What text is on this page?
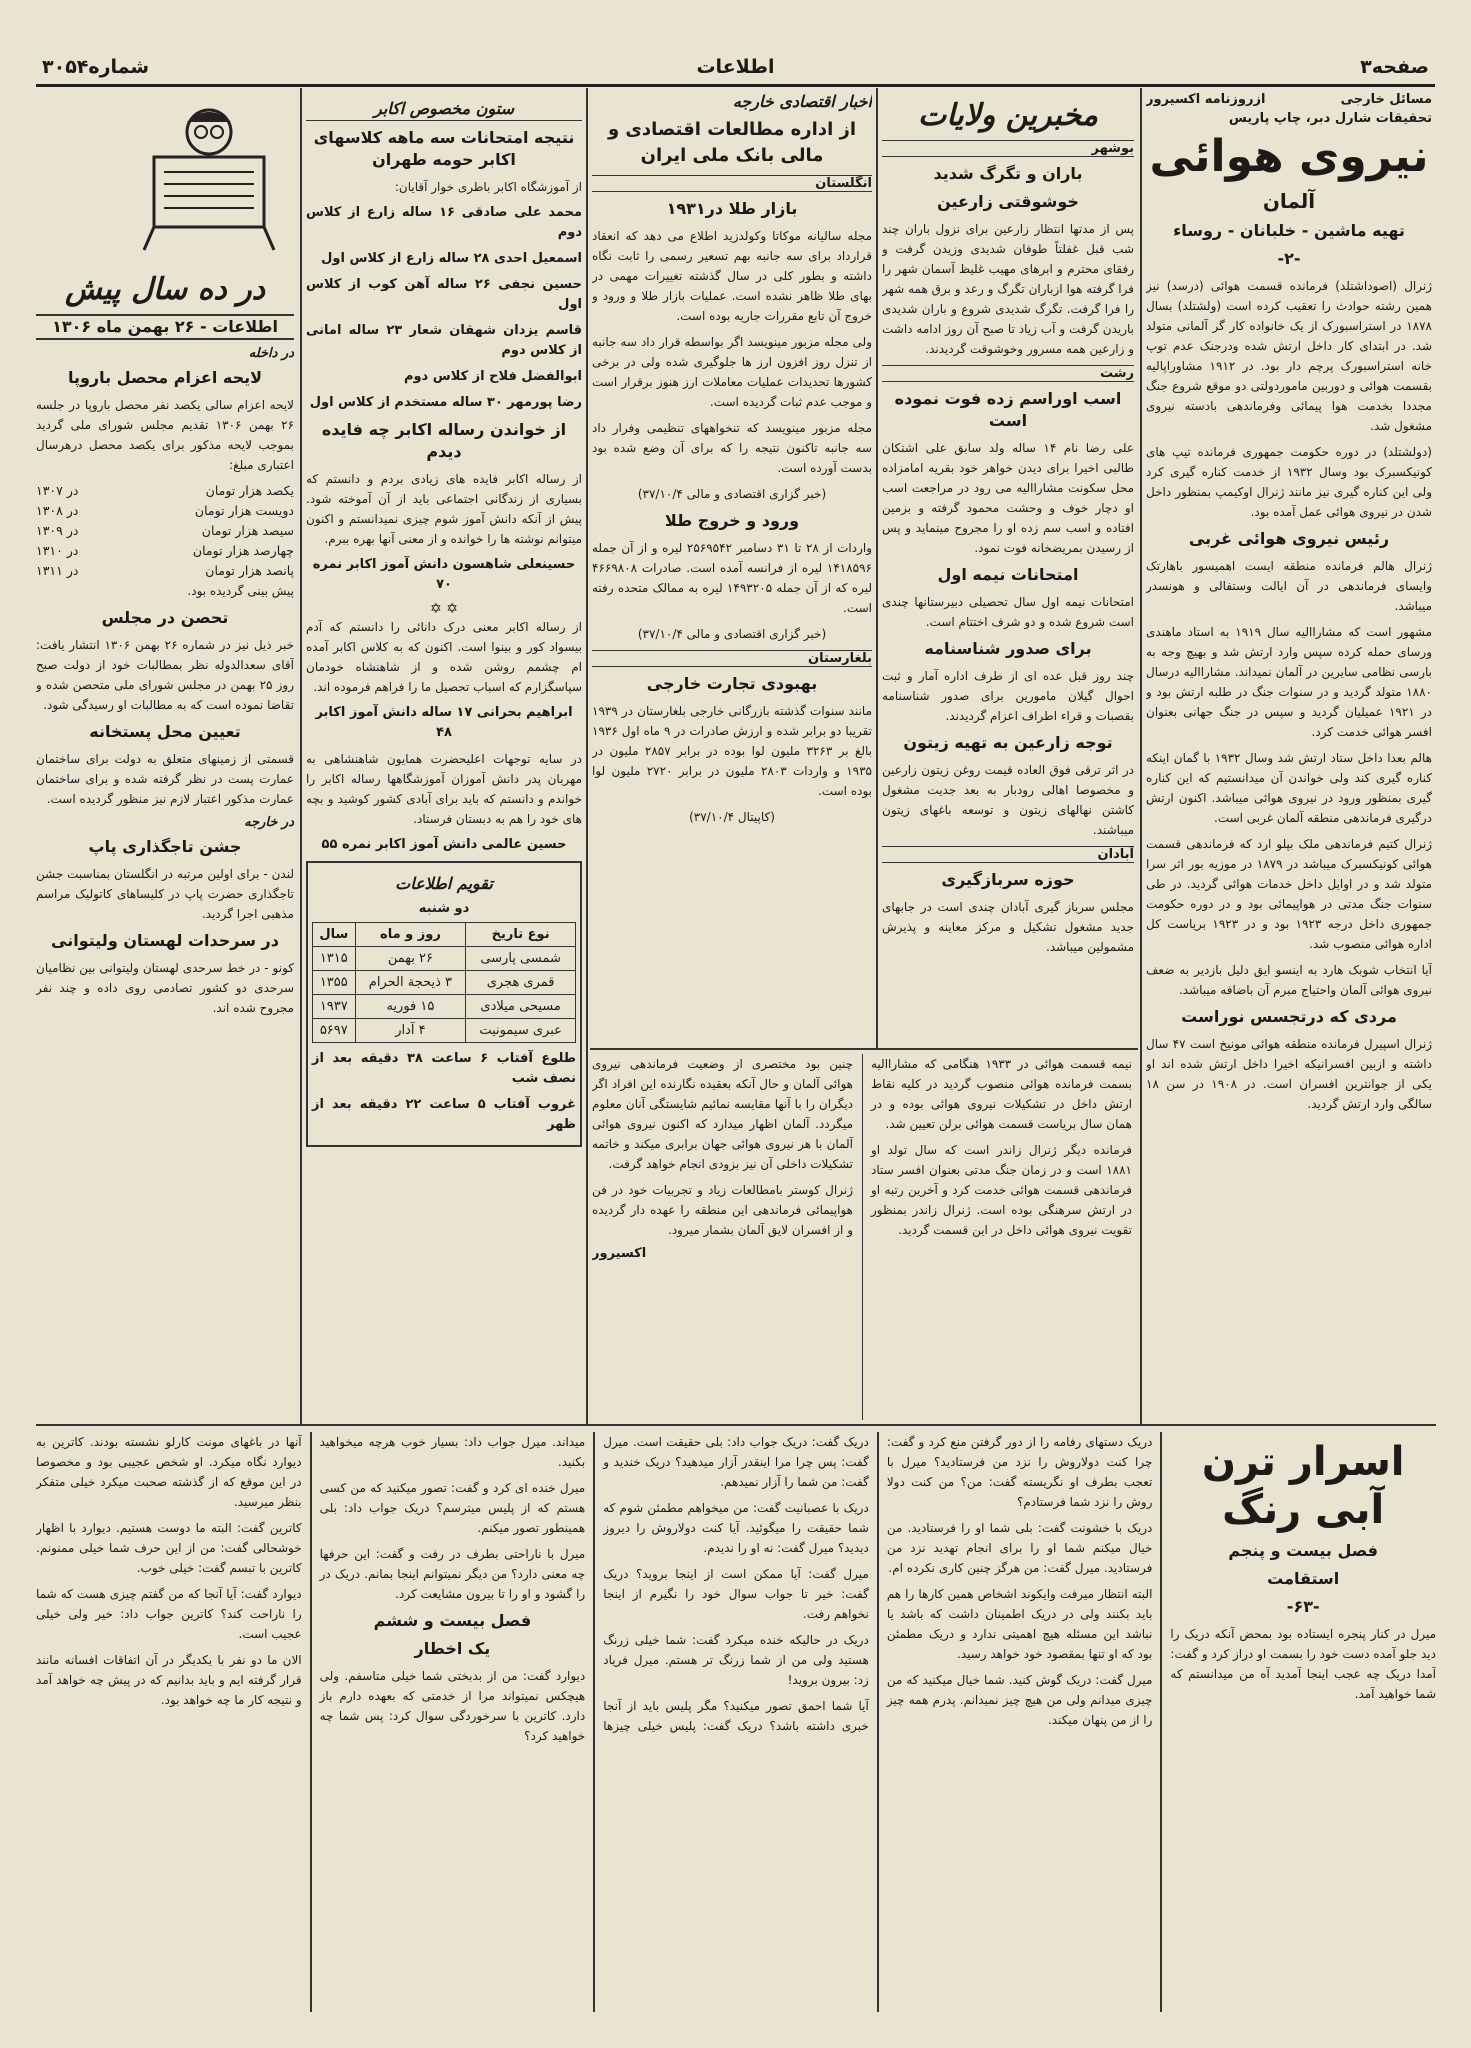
صفحه۳
اطلاعات
شماره۳۰۵۴
مسائل خارجی
ازروزنامه اکسیرور
تحقیقات شارل دبر، چاپ پاریس
نیروی هوائی
آلمان
تهیه ماشین - خلبانان - روساء
-۲-

ژنرال (اصوداشتلد) فرمانده قسمت هوائی (درسد) نیز همین رشته حوادث را تعقیب کرده است (ولشتلد) بسال ۱۸۷۸ در استراسبورک از یک خانواده کار گر آلمانی متولد شد. در ابتدای کار داخل ارتش شده ودرجنک عدم توپ خانه استراسبورک پرچم دار بود. در ۱۹۱۲ مشاوراپالیه بقسمت هوائی و دوربین ماموردولتی دو موقع شروع جنگ مجددا بخدمت هوا پیمائی وفرماندهی بادسته نیروی مشغول شد.

(دولشتلد) در دوره حکومت جمهوری فرمانده تیپ های کونیکسبرک بود وسال ۱۹۳۲ از خدمت کناره گیری کرد ولی این کناره گیری نیز مانند ژنرال اوکیمپ بمنظور داخل شدن در نیروی هوائی عمل آمده بود.

رئیس نیروی هوائی غربی

ژنرال هالم فرمانده منطقه ایست اهمیسور باهارتک وایسای فرماندهی در آن ایالت وستفالی و هونسدر میباشد.

مشهور است که مشاراالیه سال ۱۹۱۹ به استاد ماهندی ورسای حمله کرده سپس وارد ارتش شد و بهیچ وجه به بارسی نظامی سایرین در آلمان نمیداند. مشاراالیه درسال ۱۸۸۰ متولد گردید و در سنوات جنگ در طلبه ارتش بود و در ۱۹۲۱ عمیلیان گردید و سپس در جنگ جهانی بعنوان افسر هوائی خدمت کرد.

هالم بعدا داخل ستاد ارتش شد وسال ۱۹۳۲ با گمان اینکه کناره گیری کند ولی خواندن آن میدانستیم که این کناره گیری بمنظور ورود در نیروی هوائی میباشد. اکنون ارتش درگیری فرماندهی منطقه آلمان غربی است.

ژنرال کتیم فرماندهی ملک بپلو ارد که فرماندهی قسمت هوائی کونیکسبرک میباشد در ۱۸۷۹ در موزیه بور اثر سرا متولد شد و در اوایل داخل خدمات هوائی گردید. در طی سنوات جنگ مدتی در هواپیمائی بود و در دوره حکومت جمهوری داخل درجه ۱۹۲۳ بود و در ۱۹۲۳ بریاست کل اداره هوائی منصوب شد.

آیا انتخاب شوبک هارد به اینسو ایق دلیل بازدیر به ضعف نیروی هوائی آلمان واحتیاج مبرم آن باضافه میباشد.

مردی که درتجسس نوراست

ژنرال اسپیرل فرمانده منطقه هوائی مونیخ است ۴۷ سال داشته و ازبین افسرانیکه اخیرا داخل ارتش شده اند او یکی از جوانترین افسران است. در ۱۹۰۸ در سن ۱۸ سالگی وارد ارتش گردید.

مخبرین ولایات
بوشهر
باران و تگرگ شدید
خوشوقتی زارعین

پس از مدتها انتظار زارعین برای نزول باران چند شب قبل غفلتاً طوفان شدیدی وزیدن گرفت و رفقای محترم و ابرهای مهیب غلیظ آسمان شهر را فرا گرفته هوا ازباران تگرگ و رعد و برق همه شهر را فرا گرفت. تگرگ شدیدی شروع و باران شدیدی باریدن گرفت و آب زیاد تا صبح آن روز ادامه داشت و زارعین همه مسرور وخوشوقت گردیدند.

رشت
اسب اوراسم زده فوت نموده است

علی رضا نام ۱۴ ساله ولد سابق علی اشتکان طالبی اخیرا برای دیدن خواهر خود بقریه امامزاده محل سکونت مشاراالیه می رود در مراجعت اسب او دچار خوف و وحشت محمود گرفته و بزمین افتاده و اسب سم زده او را مجروح مینماید و پس از رسیدن بمریضخانه فوت نمود.

امتحانات نیمه اول

امتحانات نیمه اول سال تحصیلی دبیرستانها چندی است شروع شده و دو شرف اختتام است.

برای صدور شناسنامه

چند روز قبل عده ای از طرف اداره آمار و ثبت احوال گیلان مامورین برای صدور شناسنامه بقصبات و قراء اطراف اعزام گردیدند.

توجه زارعین به تهیه زیتون

در اثر ترقی فوق العاده قیمت روغن زیتون زارعین و مخصوصا اهالی رودبار به بعد جدیت مشغول کاشتن نهالهای زیتون و توسعه باغهای زیتون میباشند.

آبادان
حوزه سربازگیری

مجلس سرباز گیری آبادان چندی است در جابهای جدید مشغول تشکیل و مرکز معاینه و پذیرش مشمولین میباشد.

اخبار اقتصادی خارجه
از اداره مطالعات اقتصادی و مالی بانک ملی ایران
انگلستان
بازار طلا در۱۹۳۱

مجله سالیانه موکاتا وکولدزید اطلاع می دهد که انعقاد قرارداد برای سه جانبه بهم تسعیر رسمی را ثابت نگاه داشته و بطور کلی در سال گذشته تغییرات مهمی در بهای طلا ظاهر نشده است. عملیات بازار طلا و ورود و خروج آن تابع مقررات جاریه بوده است.

ولی مجله مزبور مینویسد اگر بواسطه قرار داد سه جانبه از تنزل روز افزون ارز ها جلوگیری شده ولی در برخی کشورها تحدیدات عملیات معاملات ارز هنوز برقرار است و موجب عدم ثبات گردیده است.

مجله مزبور مینویسد که تنخواههای تنظیمی وفرار داد سه جانبه تاکنون نتیجه را که برای آن وضع شده بود بدست آورده است.

(خبر گزاری اقتصادی و مالی ۳۷/۱۰/۴)
ورود و خروج طلا

واردات از ۲۸ تا ۳۱ دسامبر ۲۵۶۹۵۴۲ لیره و از آن جمله ۱۴۱۸۵۹۶ لیره از فرانسه آمده است. صادرات ۴۶۶۹۸۰۸ لیره که از آن جمله ۱۴۹۳۲۰۵ لیره به ممالک متحده رفته است.

(خبر گزاری اقتصادی و مالی ۳۷/۱۰/۴)
بلغارستان
بهبودی تجارت خارجی

مانند سنوات گذشته بازرگانی خارجی بلغارستان در ۱۹۳۹ تقریبا دو برابر شده و ارزش صادرات در ۹ ماه اول ۱۹۳۶ بالغ بر ۳۲۶۳ ملیون لوا بوده در برابر ۲۸۵۷ ملیون در ۱۹۳۵ و واردات ۲۸۰۳ ملیون در برابر ۲۷۲۰ ملیون لوا بوده است.

(کاپیتال ۳۷/۱۰/۴)

نیمه قسمت هوائی در ۱۹۳۳ هنگامی که مشاراالیه بسمت فرمانده هوائی منصوب گردید در کلیه نقاط ارتش داخل در تشکیلات نیروی هوائی بوده و در همان سال بریاست قسمت هوائی برلن تعیین شد.

فرمانده دیگر ژنرال زاندر است که سال تولد او ۱۸۸۱ است و در زمان جنگ مدتی بعنوان افسر ستاد فرماندهی قسمت هوائی خدمت کرد و آخرین رتبه او در ارتش سرهنگی بوده است. ژنرال زاندر بمنظور تقویت نیروی هوائی داخل در این قسمت گردید.

چنین بود مختصری از وضعیت فرماندهی نیروی هوائی آلمان و حال آنکه بعقیده نگارنده این افراد اگر دیگران را با آنها مقایسه نمائیم شایستگی آنان معلوم میگردد. آلمان اظهار میدارد که اکنون نیروی هوائی آلمان با هر نیروی هوائی جهان برابری میکند و خاتمه تشکیلات داخلی آن نیز بزودی انجام خواهد گرفت.

ژنرال کوستر بامطالعات زیاد و تجربیات خود در فن هواپیمائی فرماندهی این منطقه را عهده دار گردیده و از افسران لایق آلمان بشمار میرود.

اکسیرور
ستون مخصوص اکابر
نتیجه امتحانات سه ماهه کلاسهای اکابر حومه طهران
از آموزشگاه اکابر باطری خوار آقایان:
محمد علی صادقی ۱۶ ساله زارع از کلاس دوم
اسمعیل احدی ۲۸ ساله زارع از کلاس اول
حسین نجفی ۲۶ ساله آهن کوب از کلاس اول
قاسم یزدان شهقان شعار ۲۳ ساله امانی از کلاس دوم
ابوالفضل فلاح از کلاس دوم
رضا پورمهر ۳۰ ساله مستخدم از کلاس اول
از خواندن رساله اکابر چه فایده دیدم

از رساله اکابر فایده های زیادی بردم و دانستم که بسیاری از زندگانی اجتماعی باید از آن آموخته شود. پیش از آنکه دانش آموز شوم چیزی نمیدانستم و اکنون میتوانم نوشته ها را خوانده و از معنی آنها بهره ببرم.

حسینعلی شاهسون دانش آموز اکابر نمره ۷۰
✡ ✡

از رساله اکابر معنی درک دانائی را دانستم که آدم بیسواد کور و بینوا است. اکنون که به کلاس اکابر آمده ام چشمم روشن شده و از شاهنشاه خودمان سپاسگزارم که اسباب تحصیل ما را فراهم فرموده اند.

ابراهیم بحرانی ۱۷ ساله دانش آموز اکابر ۴۸

در سایه توجهات اعلیحضرت همایون شاهنشاهی به مهربان پدر دانش آموزان آموزشگاهها رساله اکابر را خواندم و دانستم که باید برای آبادی کشور کوشید و بچه های خود را هم به دبستان فرستاد.

حسین عالمی دانش آموز اکابر نمره ۵۵
تقویم اطلاعات
دو شنبه
نوع تاریخ	روز و ماه	سال
شمسی پارسی	۲۶ بهمن	۱۳۱۵
قمری هجری	۳ ذیحجة الحرام	۱۳۵۵
مسیحی میلادی	۱۵ فوریه	۱۹۳۷
عبری سیمونیت	۴ آدار	۵۶۹۷
طلوع آفتاب ۶ ساعت ۳۸ دقیقه بعد از نصف شب
غروب آفتاب ۵ ساعت ۲۲ دقیقه بعد از ظهر
در ده سال پیش
اطلاعات - ۲۶ بهمن ماه ۱۳۰۶
در داخله
لایحه اعزام محصل باروپا

لایحه اعزام سالی یکصد نفر محصل باروپا در جلسه ۲۶ بهمن ۱۳۰۶ تقدیم مجلس شورای ملی گردید بموجب لایحه مذکور برای یکصد محصل درهرسال اعتباری مبلغ:

یکصد هزار تومان
در ۱۳۰۷
دویست هزار تومان
در ۱۳۰۸
سیصد هزار تومان
در ۱۳۰۹
چهارصد هزار تومان
در ۱۳۱۰
پانصد هزار تومان
در ۱۳۱۱

پیش بینی گردیده بود.

تحصن در مجلس

خبر ذیل نیز در شماره ۲۶ بهمن ۱۳۰۶ انتشار یافت: آقای سعدالدوله نظر بمطالبات خود از دولت صبح روز ۲۵ بهمن در مجلس شورای ملی متحصن شده و تقاضا نموده است که به مطالبات او رسیدگی شود.

تعیین محل پستخانه

قسمتی از زمینهای متعلق به دولت برای ساختمان عمارت پست در نظر گرفته شده و برای ساختمان عمارت مذکور اعتبار لازم نیز منظور گردیده است.

در خارجه
جشن تاجگذاری پاپ

لندن - برای اولین مرتبه در انگلستان بمناسبت جشن تاجگذاری حضرت پاپ در کلیساهای کاتولیک مراسم مذهبی اجرا گردید.

در سرحدات لهستان ولیتوانی

کونو - در خط سرحدی لهستان ولیتوانی بین نظامیان سرحدی دو کشور تصادمی روی داده و چند نفر مجروح شده اند.

اسرار ترن آبی رنگ
فصل بیست و پنجم
استقامت
-۶۳-

میرل در کنار پنجره ایستاده بود بمحض آنکه دریک را دید جلو آمده دست خود را بسمت او دراز کرد و گفت: آمدا دریک چه عجب اینجا آمدید آه من میدانستم که شما خواهید آمد.

دریک دستهای رفامه را از دور گرفتن منع کرد و گفت: چرا کنت دولاروش را نزد من فرستادید؟ میرل با تعجب بطرف او نگریسته گفت: من؟ من کنت دولا روش را نزد شما فرستادم؟

دریک با خشونت گفت: بلی شما او را فرستادید. من خیال میکنم شما او را برای انجام تهدید نزد من فرستادید. میرل گفت: من هرگز چنین کاری نکرده ام.

البته انتظار میرفت وایکوند اشخاص همین کارها را هم باید بکنند ولی در دریک اطمینان داشت که باشد یا نباشد این مسئله هیچ اهمیتی ندارد و دریک مطمئن بود که او تنها بمقصود خود خواهد رسید.

میرل گفت: دریک گوش کنید. شما خیال میکنید که من چیزی میدانم ولی من هیچ چیز نمیدانم. پدرم همه چیز را از من پنهان میکند.

دریک گفت: دریک جواب داد: بلی حقیقت است. میرل گفت: پس چرا مرا اینقدر آزار میدهید؟ دریک خندید و گفت: من شما را آزار نمیدهم.

دریک با عصبانیت گفت: من میخواهم مطمئن شوم که شما حقیقت را میگوئید. آیا کنت دولاروش را دیروز دیدید؟ میرل گفت: نه او را ندیدم.

میرل گفت: آیا ممکن است از اینجا بروید؟ دریک گفت: خیر تا جواب سوال خود را نگیرم از اینجا نخواهم رفت.

دریک در حالیکه خنده میکرد گفت: شما خیلی زرنگ هستید ولی من از شما زرنگ تر هستم. میرل فریاد زد: بیرون بروید!

آیا شما احمق تصور میکنید؟ مگر پلیس باید از آنجا خبری داشته باشد؟ دریک گفت: پلیس خیلی چیزها میداند. میرل جواب داد: بسیار خوب هرچه میخواهید بکنید.

میرل خنده ای کرد و گفت: تصور میکنید که من کسی هستم که از پلیس میترسم؟ دریک جواب داد: بلی همینطور تصور میکنم.

میرل با ناراحتی بطرف در رفت و گفت: این حرفها چه معنی دارد؟ من دیگر نمیتوانم اینجا بمانم. دریک در را گشود و او را تا بیرون مشایعت کرد.

فصل بیست و ششم
یک اخطار

دیوارد گفت: من از بدبختی شما خیلی متاسفم. ولی هیچکس نمیتواند مرا از خدمتی که بعهده دارم باز دارد. کاترین با سرخوردگی سوال کرد: پس شما چه خواهید کرد؟

آنها در باغهای مونت کارلو نشسته بودند. کاترین به دیوارد نگاه میکرد. او شخص عجیبی بود و مخصوصا در این موقع که از گذشته صحبت میکرد خیلی متفکر بنظر میرسید.

کاترین گفت: البته ما دوست هستیم. دیوارد با اظهار خوشحالی گفت: من از این حرف شما خیلی ممنونم. کاترین با تبسم گفت: خیلی خوب.

دیوارد گفت: آیا آنجا که من گفتم چیزی هست که شما را ناراحت کند؟ کاترین جواب داد: خیر ولی خیلی عجیب است.

الان ما دو نفر با یکدیگر در آن اتفاقات افسانه مانند قرار گرفته ایم و باید بدانیم که در پیش چه خواهد آمد و نتیجه کار ما چه خواهد بود.
